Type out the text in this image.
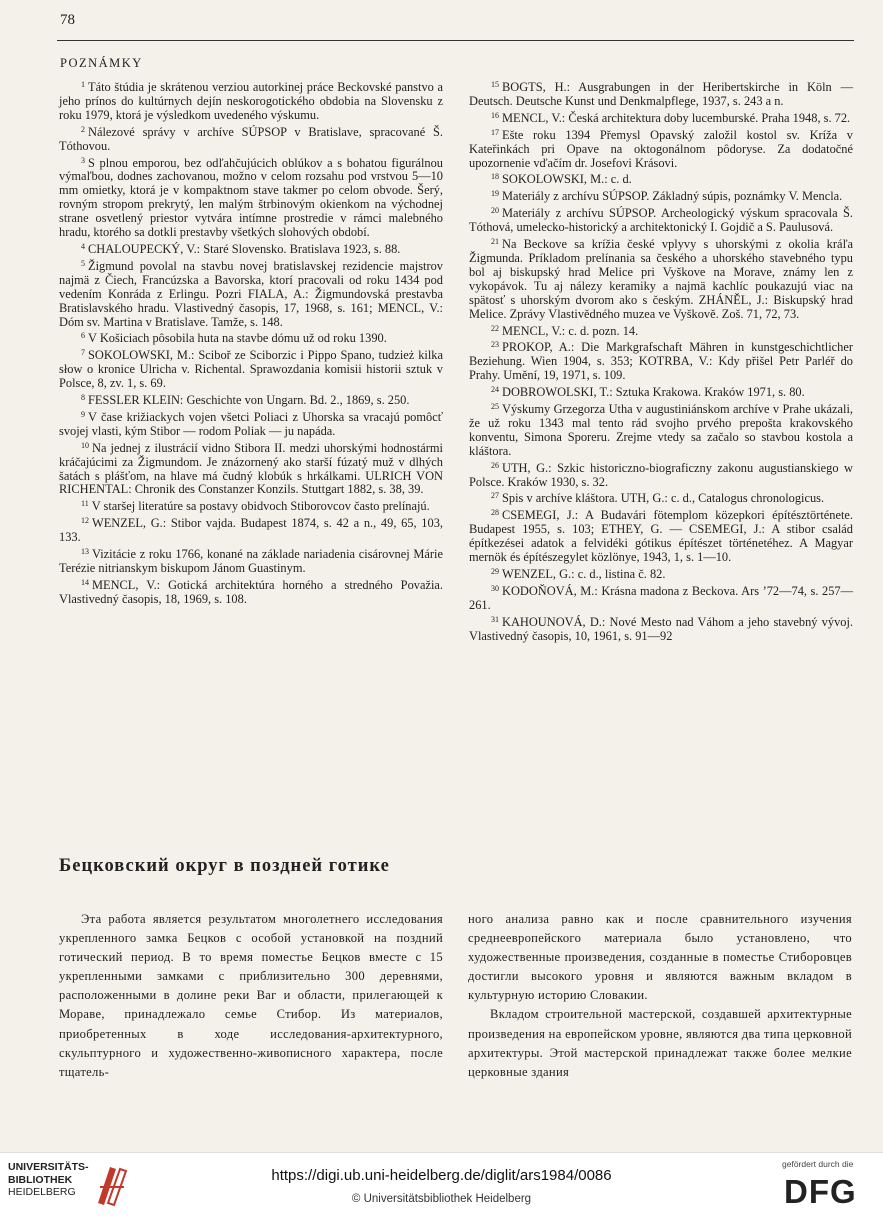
78
POZNÁMKY

$^1$ Táto štúdia je skrátenou verziou autorkinej práce Beckovské panstvo a jeho prínos do kultúrnych dejín neskorogotického obdobia na Slovensku z roku 1979, ktorá je výsledkom uvedeného výskumu.

$^2$ Nálezové správy v archíve SÚPSOP v Bratislave, spracované Š. Tóthovou.

$^3$ S plnou emporou, bez odľahčujúcich oblúkov a s bohatou figurálnou výmaľbou, dodnes zachovanou, možno v celom rozsahu pod vrstvou 5—10 mm omietky, ktorá je v kompaktnom stave takmer po celom obvode. Šerý, rovným stropom prekrytý, len malým štrbinovým okienkom na východnej strane osvetlený priestor vytvára intímne prostredie v rámci malebného hradu, ktorého sa dotkli prestavby všetkých slohových období.

$^4$ CHALOUPECKÝ, V.: Staré Slovensko. Bratislava 1923, s. 88.

$^5$ Žigmund povolal na stavbu novej bratislavskej rezidencie majstrov najmä z Čiech, Francúzska a Bavorska, ktorí pracovali od roku 1434 pod vedením Konráda z Erlingu. Pozri FIALA, A.: Žigmundovská prestavba Bratislavského hradu. Vlastivedný časopis, 17, 1968, s. 161; MENCL, V.: Dóm sv. Martina v Bratislave. Tamže, s. 148.

$^6$ V Košiciach pôsobila huta na stavbe dómu už od roku 1390.

$^7$ SOKOLOWSKI, M.: Sciboř ze Sciborzic i Pippo Spano, tudzież kilka słow o kronice Ulricha v. Richental. Sprawozdania komisii historii sztuk v Polsce, 8, zv. 1, s. 69.

$^8$ FESSLER KLEIN: Geschichte von Ungarn. Bd. 2., 1869, s. 250.

$^9$ V čase križiackych vojen všetci Poliaci z Uhorska sa vracajú pomôcť svojej vlasti, kým Stibor — rodom Poliak — ju napáda.

$^{10}$ Na jednej z ilustrácií vidno Stibora II. medzi uhorskými hodnostármi kráčajúcimi za Žigmundom. Je znázornený ako starší fúzatý muž v dlhých šatách s plášťom, na hlave má čudný klobúk s hrkálkami. ULRICH VON RICHENTAL: Chronik des Constanzer Konzils. Stuttgart 1882, s. 38, 39.

$^{11}$ V staršej literatúre sa postavy obidvoch Stiborovcov často prelínajú.

$^{12}$ WENZEL, G.: Stibor vajda. Budapest 1874, s. 42 a n., 49, 65, 103, 133.

$^{13}$ Vizitácie z roku 1766, konané na základe nariadenia cisárovnej Márie Terézie nitrianskym biskupom Jánom Guastinym.

$^{14}$ MENCL, V.: Gotická architektúra horného a stredného Považia. Vlastivedný časopis, 18, 1969, s. 108.

$^{15}$ BOGTS, H.: Ausgrabungen in der Heribertskirche in Köln — Deutsch. Deutsche Kunst und Denkmalpflege, 1937, s. 243 a n.

$^{16}$ MENCL, V.: Česká architektura doby lucemburské. Praha 1948, s. 72.

$^{17}$ Ešte roku 1394 Přemysl Opavský založil kostol sv. Kríža v Kateřinkách pri Opave na oktogonálnom pôdoryse. Za dodatočné upozornenie vďačím dr. Josefovi Krásovi.

$^{18}$ SOKOLOWSKI, M.: c. d.

$^{19}$ Materiály z archívu SÚPSOP. Základný súpis, poznámky V. Mencla.

$^{20}$ Materiály z archívu SÚPSOP. Archeologický výskum spracovala Š. Tóthová, umelecko-historický a architektonický I. Gojdič a S. Paulusová.

$^{21}$ Na Beckove sa krížia české vplyvy s uhorskými z okolia kráľa Žigmunda. Príkladom prelínania sa českého a uhorského stavebného typu bol aj biskupský hrad Melice pri Vyškove na Morave, známy len z vykopávok. Tu aj nálezy keramiky a najmä kachlíc poukazujú viac na spätosť s uhorským dvorom ako s českým. ZHÁNĚL, J.: Biskupský hrad Melice. Zprávy Vlastivědného muzea ve Vyškově. Zoš. 71, 72, 73.

$^{22}$ MENCL, V.: c. d. pozn. 14.

$^{23}$ PROKOP, A.: Die Markgrafschaft Mähren in kunstgeschichtlicher Beziehung. Wien 1904, s. 353; KOTRBA, V.: Kdy přišel Petr Parléř do Prahy. Umění, 19, 1971, s. 109.

$^{24}$ DOBROWOLSKI, T.: Sztuka Krakowa. Kraków 1971, s. 80.

$^{25}$ Výskumy Grzegorza Utha v augustiniánskom archíve v Prahe ukázali, že už roku 1343 mal tento rád svojho prvého prepošta krakovského konventu, Simona Sporeru. Zrejme vtedy sa začalo so stavbou kostola a kláštora.

$^{26}$ UTH, G.: Szkic historiczno-biograficzny zakonu augustianskiego w Polsce. Kraków 1930, s. 32.

$^{27}$ Spis v archíve kláštora. UTH, G.: c. d., Catalogus chronologicus.

$^{28}$ CSEMEGI, J.: A Budavári fötemplom közepkori építésztörténete. Budapest 1955, s. 103; ETHEY, G. — CSEMEGI, J.: A stibor család építkezései adatok a felvidéki gótikus építészet történetéhez. A Magyar mernök és építészegylet közlönye, 1943, 1, s. 1—10.

$^{29}$ WENZEL, G.: c. d., listina č. 82.

$^{30}$ KODOŇOVÁ, M.: Krásna madona z Beckova. Ars ’72—74, s. 257—261.

$^{31}$ KAHOUNOVÁ, D.: Nové Mesto nad Váhom a jeho stavebný vývoj. Vlastivedný časopis, 10, 1961, s. 91—92

Бецковский округ в поздней готике

Эта работа является результатом многолетнего исследования укрепленного замка Бецков с особой установкой на поздний готический период. В то время поместье Бецков вместе с 15 укрепленными замками с приблизительно 300 деревнями, расположенными в долине реки Ваг и области, прилегающей к Моравe, принадлежало семье Стибор. Из материалов, приобретенных в ходе исследования-архитектурного, скульптурного и художественно-живописного характера, после тщатель-

ного анализа равно как и после сравнительного изучения среднеевропейского материала было установлено, что художественные произведения, созданные в поместье Стиборовцев достигли высокого уровня и являются важным вкладом в культурную историю Словакии.

Вкладом строительной мастерской, создавшей архитектурные произведения на европейском уровне, являются два типа церковной архитектуры. Этой мастерской принадлежат также более мелкие церковные здания

UNIVERSITÄTS-
BIBLIOTHEK
HEIDELBERG
https://digi.ub.uni-heidelberg.de/diglit/ars1984/0086
© Universitätsbibliothek Heidelberg
gefördert durch die
DFG
